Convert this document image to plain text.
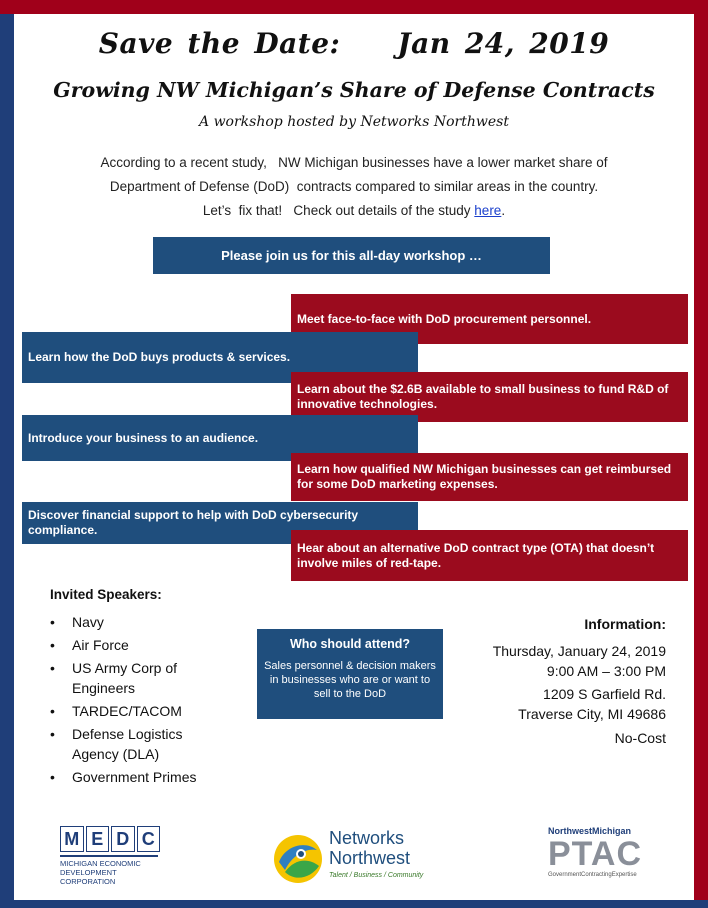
Save the Date:    Jan 24, 2019
Growing NW Michigan’s Share of Defense Contracts
A workshop hosted by Networks Northwest
According to a recent study,   NW Michigan businesses have a lower market share of
Department of Defense (DoD)  contracts compared to similar areas in the country.
Let’s  fix that!   Check out details of the study here.
Please join us for this all-day workshop …
Meet face-to-face with DoD procurement personnel.
Learn how the DoD buys products & services.
Learn about the $2.6B available to small business to fund R&D of innovative technologies.
Introduce your business to an audience.
Learn how qualified NW Michigan businesses can get reimbursed for some DoD marketing expenses.
Discover financial support to help with DoD cybersecurity compliance.
Hear about an alternative DoD contract type (OTA) that doesn’t involve miles of red-tape.
Invited Speakers:
• Navy
• Air Force
• US Army Corp of Engineers
• TARDEC/TACOM
• Defense Logistics Agency (DLA)
• Government Primes
Who should attend?
Sales personnel & decision makers in businesses who are or want to sell to the DoD
Information:
Thursday, January 24, 2019
9:00 AM – 3:00 PM
1209 S Garfield Rd.
Traverse City, MI 49686
No-Cost
M E D C
MICHIGAN ECONOMIC
DEVELOPMENT CORPORATION
Networks
Northwest
Talent / Business / Community
NorthwestMichigan
PTAC
GovernmentContractingExpertise
